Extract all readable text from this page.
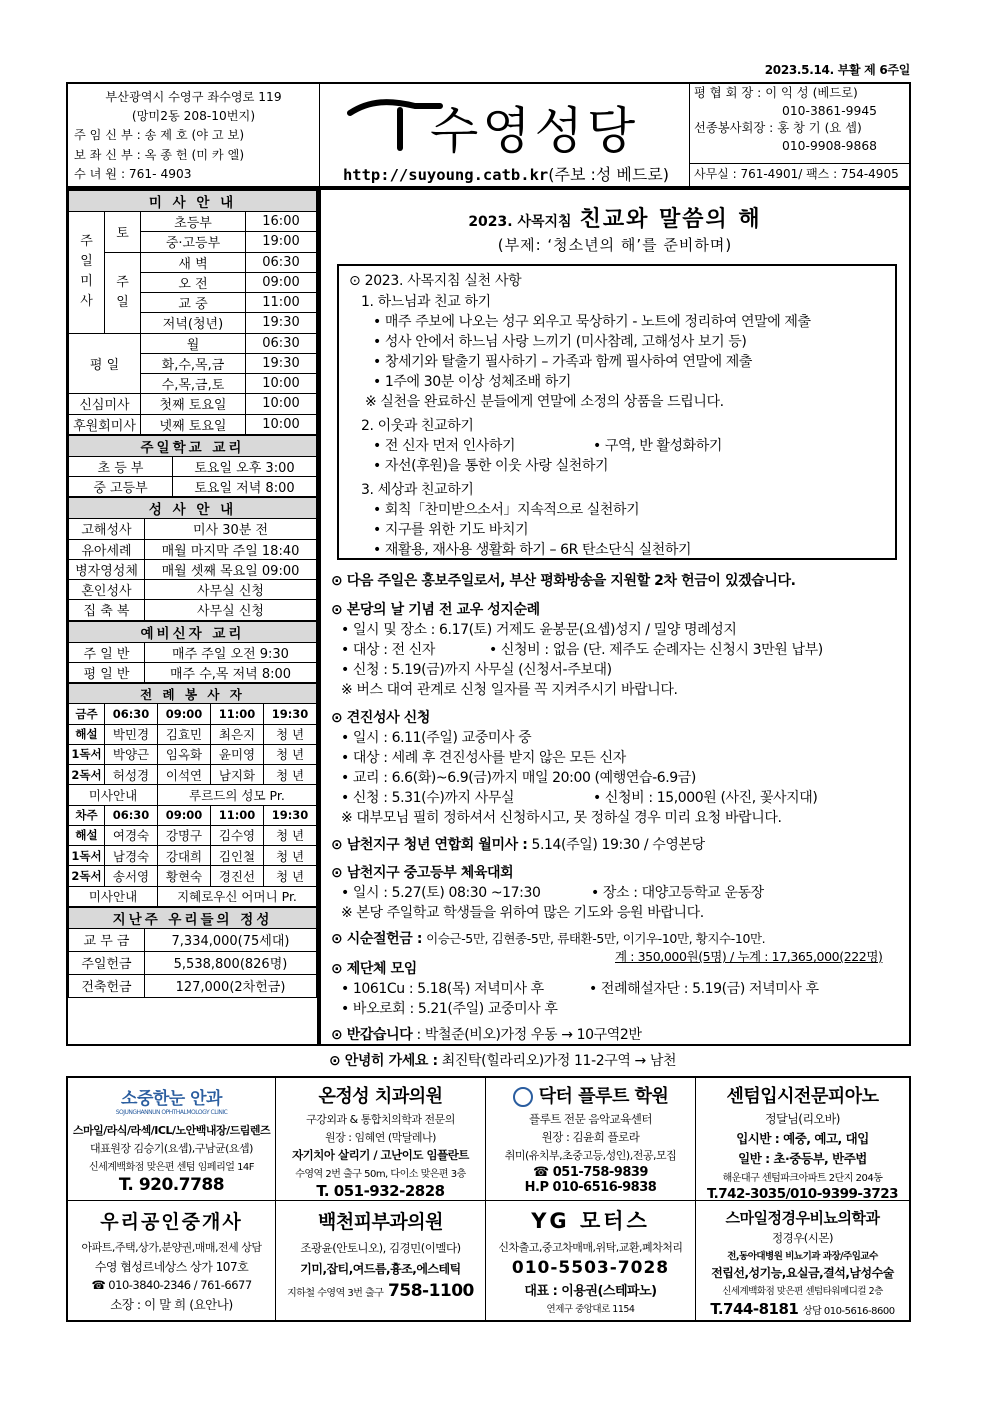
2023.5.14. 부활 제 6주일
부산광역시 수영구 좌수영로 119
(망미2동 208-10번지)
주 임 신 부 : 송 제 호 (야 고 보)
보 좌 신 부 : 옥 종 헌 (미 카 엘)
수 녀 원 : 761- 4903
수영성당
http://suyoung.catb.kr(주보 :성 베드로)
평 협 회 장 : 이 익 성 (베드로)
010-3861-9945
선종봉사회장 : 홍 창 기 (요 셉)
010-9908-9868
사무실 : 761-4901/ 팩스 : 754-4905
미 사 안 내			
주
일
미
사	토	초등부	16:00
		중·고등부	19:00
	주
일	새 벽	06:30
		오 전	09:00
		교 중	11:00
		저녁(청년)	19:30
평 일		월	06:30
		화,수,목,금	19:30
		수,목,금,토	10:00
신심미사		첫째 토요일	10:00
후원회미사		넷째 토요일	10:00
주일학교 교리	
초 등 부	토요일 오후 3:00
중 고등부	토요일 저녁 8:00
성 사 안 내	
고해성사	미사 30분 전
유아세례	매월 마지막 주일 18:40
병자영성체	매월 셋째 목요일 09:00
혼인성사	사무실 신청
집 축 복	사무실 신청
예비신자 교리	
주 일 반	매주 주일 오전 9:30
평 일 반	매주 수,목 저녁 8:00
전 례 봉 사 자				
금주	06:30	09:00	11:00	19:30
해설	박민경	김효민	최은지	청 년
1독서	박양근	임옥화	윤미영	청 년
2독서	허성경	이석연	남지화	청 년
미사안내		루르드의 성모 Pr.		
차주	06:30	09:00	11:00	19:30
해설	여경숙	강명구	김수영	청 년
1독서	남경숙	강대희	김인철	청 년
2독서	송서영	황현숙	경진선	청 년
미사안내		지혜로우신 어머니 Pr.		
지난주 우리들의 정성	
교 무 금	7,334,000(75세대)
주일헌금	5,538,800(826명)
건축헌금	127,000(2차헌금)
2023. 사목지침 친교와 말씀의 해
(부제: ‘청소년의 해’를 준비하며)
⊙ 2023. 사목지침 실천 사항
1. 하느님과 친교 하기
• 매주 주보에 나오는 성구 외우고 묵상하기 - 노트에 정리하여 연말에 제출
• 성사 안에서 하느님 사랑 느끼기 (미사참례, 고해성사 보기 등)
• 창세기와 탈출기 필사하기 – 가족과 함께 필사하여 연말에 제출
• 1주에 30분 이상 성체조배 하기
※ 실천을 완료하신 분들에게 연말에 소정의 상품을 드립니다.
2. 이웃과 친교하기
• 전 신자 먼저 인사하기	• 구역, 반 활성화하기
• 자선(후원)을 통한 이웃 사랑 실천하기
3. 세상과 친교하기
• 회칙「찬미받으소서」지속적으로 실천하기
• 지구를 위한 기도 바치기
• 재활용, 재사용 생활화 하기 – 6R 탄소단식 실천하기
⊙ 다음 주일은 홍보주일로서, 부산 평화방송을 지원할 2차 헌금이 있겠습니다.
⊙ 본당의 날 기념 전 교우 성지순례
• 일시 및 장소 : 6.17(토) 거제도 윤봉문(요셉)성지 / 밀양 명례성지
• 대상 : 전 신자	• 신청비 : 없음 (단. 제주도 순례자는 신청시 3만원 납부)
• 신청 : 5.19(금)까지 사무실 (신청서-주보대)
※ 버스 대여 관계로 신청 일자를 꼭 지켜주시기 바랍니다.
⊙ 견진성사 신청
• 일시 : 6.11(주일) 교중미사 중
• 대상 : 세례 후 견진성사를 받지 않은 모든 신자
• 교리 : 6.6(화)~6.9(금)까지 매일 20:00 (예행연습-6.9금)
• 신청 : 5.31(수)까지 사무실	• 신청비 : 15,000원 (사진, 꽃사지대)
※ 대부모님 필히 정하셔서 신청하시고, 못 정하실 경우 미리 요청 바랍니다.
⊙ 남천지구 청년 연합회 월미사 : 5.14(주일) 19:30 / 수영본당
⊙ 남천지구 중고등부 체육대회
• 일시 : 5.27(토) 08:30 ~17:30	• 장소 : 대양고등학교 운동장
※ 본당 주일학교 학생들을 위하여 많은 기도와 응원 바랍니다.
⊙ 시순절헌금 : 이승근-5만, 김현종-5만, 류태환-5만, 이기우-10만, 황지수-10만.
계 : 350,000원(5명) / 누계 : 17,365,000(222명)
⊙ 제단체 모임
• 1061Cu : 5.18(목) 저녁미사 후	• 전례해설자단 : 5.19(금) 저녁미사 후
• 바오로회 : 5.21(주일) 교중미사 후
⊙ 반갑습니다 : 박철준(비오)가정 우동 → 10구역2반
⊙ 안녕히 가세요 : 최진탁(힐라리오)가정 11-2구역 → 남천
소중한눈 안과
SOJUNGHANNUN OPHTHALMOLOGY CLINIC
스마일/라식/라섹/ICL/노안백내장/드림렌즈
대표원장 김승기(요셉),구남균(요셉)
신세계백화점 맞은편 센텀 임페리얼 14F
T. 920.7788
온정성 치과의원
구강외과 & 통합치의학과 전문의
원장 : 임혜연 (막달레나)
자기치아 살리기 / 고난이도 임플란트
수영역 2번 출구 50m, 다이소 맞은편 3층
T. 051-932-2828
닥터 플루트 학원
플루트 전문 음악교육센터
원장 : 김윤희 플로라
취미(유치부,초중고등,성인),전공,모집
☎ 051-758-9839
H.P 010-6516-9838
센텀입시전문피아노
정달님(리오바)
입시반 : 예중, 예고, 대입
일반 : 초·중등부, 반주법
해운대구 센텀파크아파트 2단지 204동
T.742-3035/010-9399-3723
우리공인중개사
아파트,주택,상가,분양권,매매,전세 상담
수영 협성르네상스 상가 107호
☎ 010-3840-2346 / 761-6677
소장 : 이 말 희 (요안나)
백천피부과의원
조광윤(안토니오), 김경민(이멜다)
기미,잡티,여드름,흉조,에스테틱
지하철 수영역 3번 출구 758-1100
YG 모터스
신차출고,중고차매매,위탁,교환,폐차처리
010-5503-7028
대표 : 이용권(스테파노)
연제구 중앙대로 1154
스마일정경우비뇨의학과
정경우(시몬)
전,동아대병원 비뇨기과 과장/주임교수
전립선,성기능,요실금,결석,남성수술
신세계백화점 맞은편 센텀타워메디컬 2층
T.744-8181 상담 010-5616-8600
